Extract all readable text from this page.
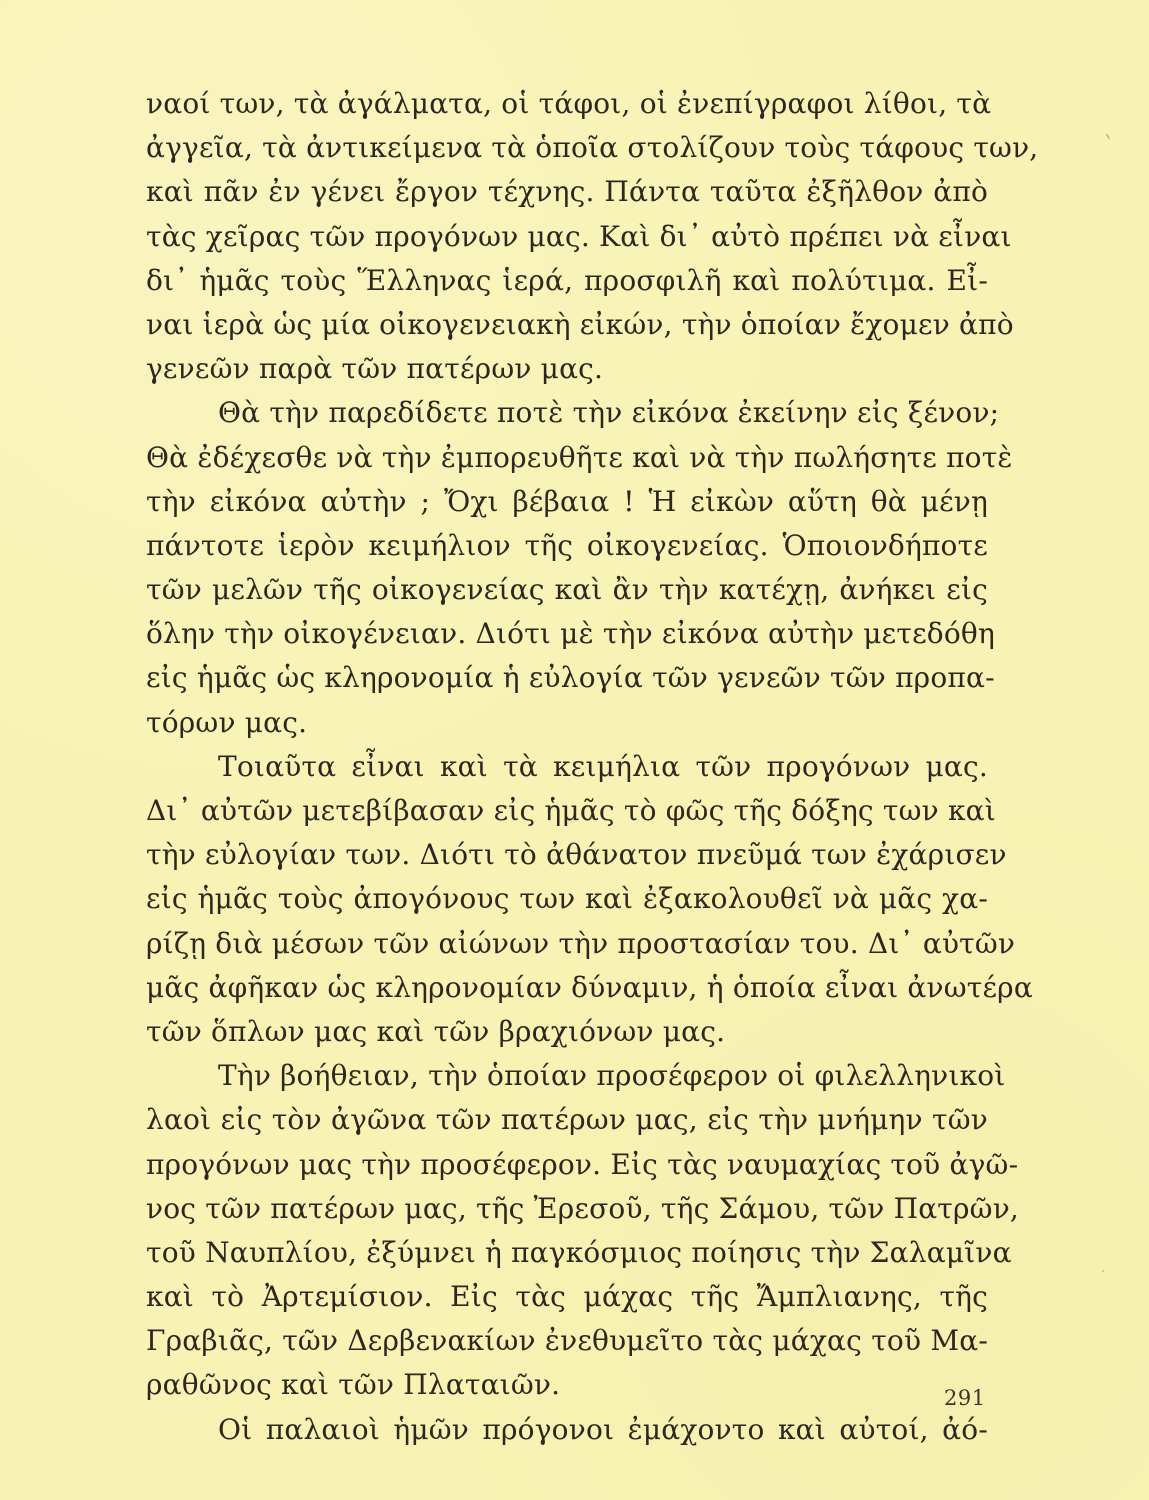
ναοί των, τὰ ἀγάλματα, οἱ τάφοι, οἱ ἐνεπίγραφοι λίθοι, τὰ
ἀγγεῖα, τὰ ἀντικείμενα τὰ ὁποῖα στολίζουν τοὺς τάφους των,
καὶ πᾶν ἐν γένει ἔργον τέχνης. Πάντα ταῦτα ἐξῆλθον ἀπὸ
τὰς χεῖρας τῶν προγόνων μας. Καὶ δι᾽ αὐτὸ πρέπει νὰ εἶναι
δι᾽ ἡμᾶς τοὺς Ἕλληνας ἱερά, προσφιλῆ καὶ πολύτιμα. Εἶ-
ναι ἱερὰ ὡς μία οἰκογενειακὴ εἰκών, τὴν ὁποίαν ἔχομεν ἀπὸ
γενεῶν παρὰ τῶν πατέρων μας.
Θὰ τὴν παρεδίδετε ποτὲ τὴν εἰκόνα ἐκείνην εἰς ξένον;
Θὰ ἐδέχεσθε νὰ τὴν ἐμπορευθῆτε καὶ νὰ τὴν πωλήσητε ποτὲ
τὴν εἰκόνα αὐτὴν ; Ὄχι βέβαια ! Ἡ εἰκὼν αὕτη θὰ μένῃ
πάντοτε ἱερὸν κειμήλιον τῆς οἰκογενείας. Ὁποιονδήποτε
τῶν μελῶν τῆς οἰκογενείας καὶ ἂν τὴν κατέχῃ, ἀνήκει εἰς
ὅλην τὴν οἰκογένειαν. Διότι μὲ τὴν εἰκόνα αὐτὴν μετεδόθη
εἰς ἡμᾶς ὡς κληρονομία ἡ εὐλογία τῶν γενεῶν τῶν προπα-
τόρων μας.
Τοιαῦτα εἶναι καὶ τὰ κειμήλια τῶν προγόνων μας.
Δι᾽ αὐτῶν μετεβίβασαν εἰς ἡμᾶς τὸ φῶς τῆς δόξης των καὶ
τὴν εὐλογίαν των. Διότι τὸ ἀθάνατον πνεῦμά των ἐχάρισεν
εἰς ἡμᾶς τοὺς ἀπογόνους των καὶ ἐξακολουθεῖ νὰ μᾶς χα-
ρίζῃ διὰ μέσων τῶν αἰώνων τὴν προστασίαν του. Δι᾽ αὐτῶν
μᾶς ἀφῆκαν ὡς κληρονομίαν δύναμιν, ἡ ὁποία εἶναι ἀνωτέρα
τῶν ὅπλων μας καὶ τῶν βραχιόνων μας.
Τὴν βοήθειαν, τὴν ὁποίαν προσέφερον οἱ φιλελληνικοὶ
λαοὶ εἰς τὸν ἀγῶνα τῶν πατέρων μας, εἰς τὴν μνήμην τῶν
προγόνων μας τὴν προσέφερον. Εἰς τὰς ναυμαχίας τοῦ ἀγῶ-
νος τῶν πατέρων μας, τῆς Ἐρεσοῦ, τῆς Σάμου, τῶν Πατρῶν,
τοῦ Ναυπλίου, ἐξύμνει ἡ παγκόσμιος ποίησις τὴν Σαλαμῖνα
καὶ τὸ Ἀρτεμίσιον. Εἰς τὰς μάχας τῆς Ἄμπλιανης, τῆς
Γραβιᾶς, τῶν Δερβενακίων ἐνεθυμεῖτο τὰς μάχας τοῦ Μα-
ραθῶνος καὶ τῶν Πλαταιῶν.
Οἱ παλαιοὶ ἡμῶν πρόγονοι ἐμάχοντο καὶ αὐτοί, ἀό-
291
